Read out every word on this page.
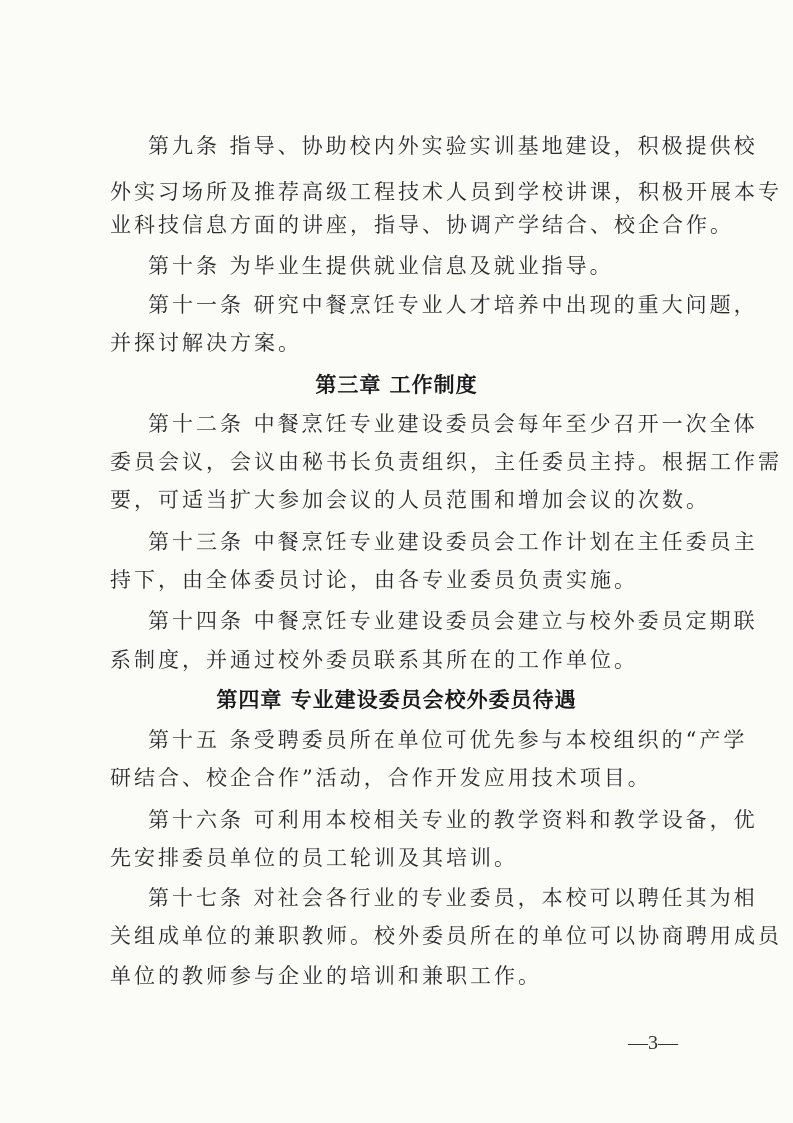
第九条 指导、协助校内外实验实训基地建设，积极提供校
外实习场所及推荐高级工程技术人员到学校讲课，积极开展本专
业科技信息方面的讲座，指导、协调产学结合、校企合作。
第十条 为毕业生提供就业信息及就业指导。
第十一条 研究中餐烹饪专业人才培养中出现的重大问题，
并探讨解决方案。
第三章 工作制度
第十二条 中餐烹饪专业建设委员会每年至少召开一次全体
委员会议，会议由秘书长负责组织，主任委员主持。根据工作需
要，可适当扩大参加会议的人员范围和增加会议的次数。
第十三条 中餐烹饪专业建设委员会工作计划在主任委员主
持下，由全体委员讨论，由各专业委员负责实施。
第十四条 中餐烹饪专业建设委员会建立与校外委员定期联
系制度，并通过校外委员联系其所在的工作单位。
第四章 专业建设委员会校外委员待遇
第十五 条受聘委员所在单位可优先参与本校组织的“产学
研结合、校企合作”活动，合作开发应用技术项目。
第十六条 可利用本校相关专业的教学资料和教学设备，优
先安排委员单位的员工轮训及其培训。
第十七条 对社会各行业的专业委员，本校可以聘任其为相
关组成单位的兼职教师。校外委员所在的单位可以协商聘用成员
单位的教师参与企业的培训和兼职工作。
—3—
